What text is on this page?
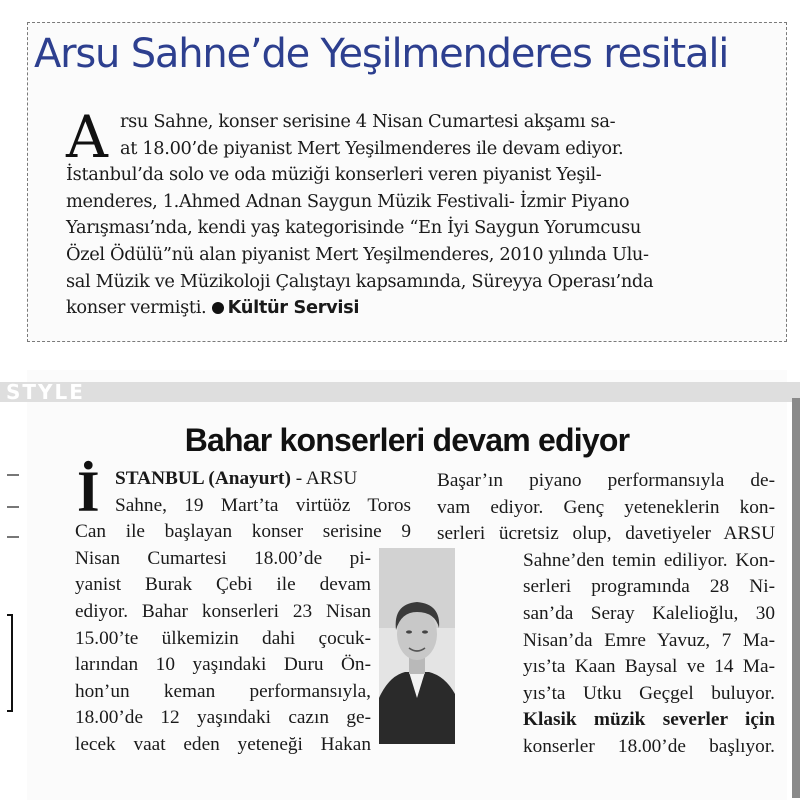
Arsu Sahne’de Yeşilmenderes resitali
A rsu Sahne, konser serisine 4 Nisan Cumartesi akşamı sa-
at 18.00’de piyanist Mert Yeşilmenderes ile devam ediyor.
İstanbul’da solo ve oda müziği konserleri veren piyanist Yeşil-
menderes, 1.Ahmed Adnan Saygun Müzik Festivali- İzmir Piyano
Yarışması’nda, kendi yaş kategorisinde “En İyi Saygun Yorumcusu
Özel Ödülü”nü alan piyanist Mert Yeşilmenderes, 2010 yılında Ulu-
sal Müzik ve Müzikoloji Çalıştayı kapsamında, Süreyya Operası’nda
konser vermişti. Kültür Servisi
STYLE
Bahar konserleri devam ediyor
İ STANBUL (Anayurt) - ARSU
Sahne, 19 Mart’ta virtüöz Toros
Can ile başlayan konser serisine 9
Nisan Cumartesi 18.00’de pi-
yanist Burak Çebi ile devam
ediyor. Bahar konserleri 23 Nisan
15.00’te ülkemizin dahi çocuk-
larından 10 yaşındaki Duru Ön-
hon’un keman performansıyla,
18.00’de 12 yaşındaki cazın ge-
lecek vaat eden yeteneği Hakan
Başar’ın piyano performansıyla de-
vam ediyor. Genç yeteneklerin kon-
serleri ücretsiz olup, davetiyeler ARSU
Sahne’den temin ediliyor. Kon-
serleri programında 28 Ni-
san’da Seray Kalelioğlu, 30
Nisan’da Emre Yavuz, 7 Ma-
yıs’ta Kaan Baysal ve 14 Ma-
yıs’ta Utku Geçgel buluyor.
Klasik müzik severler için
konserler 18.00’de başlıyor.
